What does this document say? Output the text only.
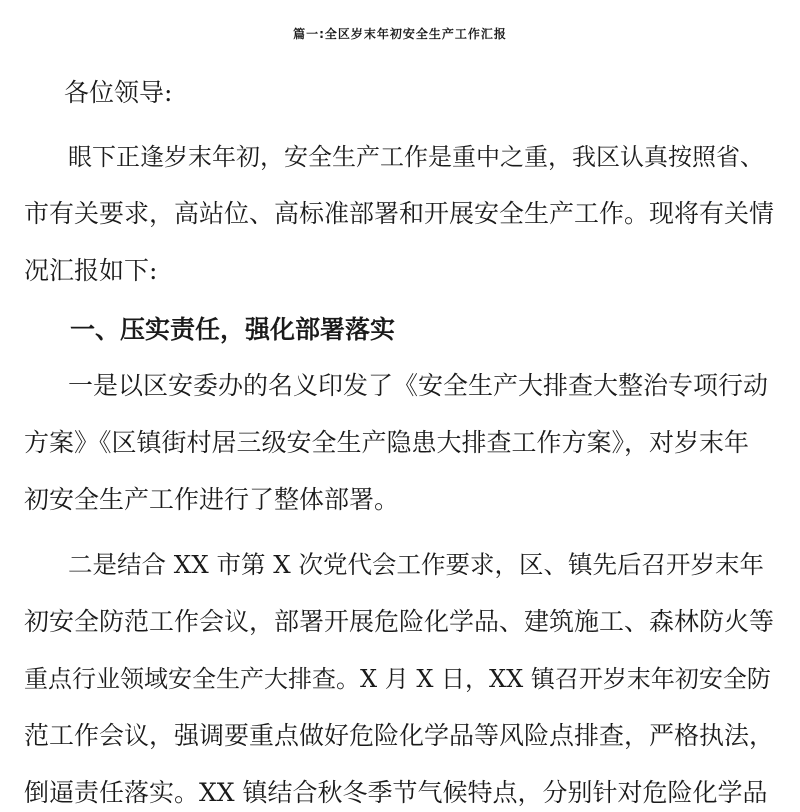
篇一:全区岁末年初安全生产工作汇报
各位领导:
眼下正逢岁末年初，安全生产工作是重中之重，我区认真按照省、
市有关要求，高站位、高标准部署和开展安全生产工作。现将有关情
况汇报如下:
一、压实责任，强化部署落实
一是以区安委办的名义印发了《安全生产大排查大整治专项行动
方案》《区镇街村居三级安全生产隐患大排查工作方案》，对岁末年
初安全生产工作进行了整体部署。
二是结合 XX 市第 X 次党代会工作要求，区、镇先后召开岁末年
初安全防范工作会议，部署开展危险化学品、建筑施工、森林防火等
重点行业领域安全生产大排查。X 月 X 日，XX 镇召开岁末年初安全防
范工作会议，强调要重点做好危险化学品等风险点排查，严格执法，
倒逼责任落实。XX 镇结合秋冬季节气候特点，分别针对危险化学品
